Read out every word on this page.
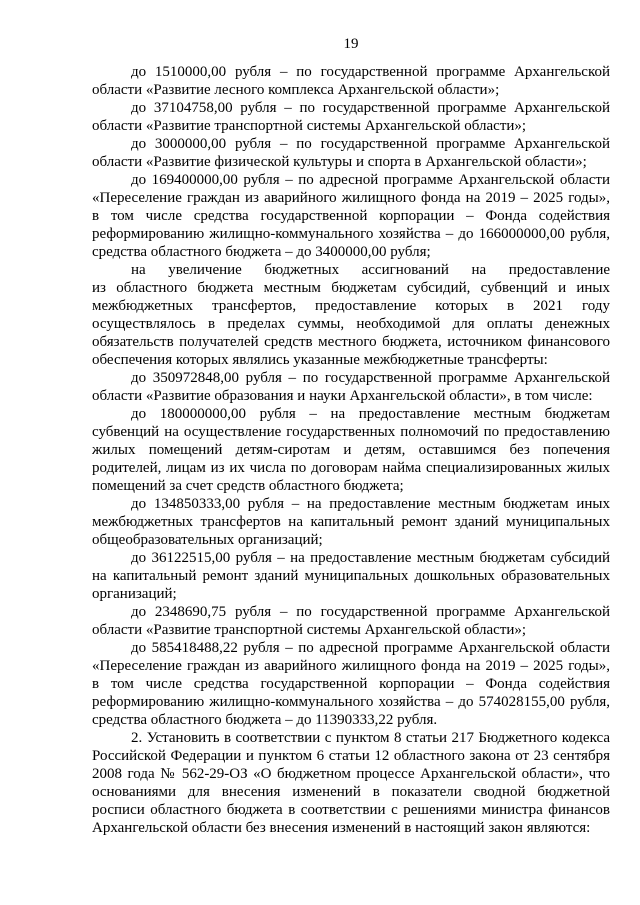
19
до 1510000,00 рубля – по государственной программе Архангельской
области «Развитие лесного комплекса Архангельской области»;
до 37104758,00 рубля – по государственной программе Архангельской
области «Развитие транспортной системы Архангельской области»;
до 3000000,00 рубля – по государственной программе Архангельской
области «Развитие физической культуры и спорта в Архангельской области»;
до 169400000,00 рубля – по адресной программе Архангельской области
«Переселение граждан из аварийного жилищного фонда на 2019 – 2025 годы»,
в том числе средства государственной корпорации – Фонда содействия
реформированию жилищно-коммунального хозяйства – до 166000000,00 рубля,
средства областного бюджета – до 3400000,00 рубля;
на увеличение бюджетных ассигнований на предоставление
из областного бюджета местным бюджетам субсидий, субвенций и иных
межбюджетных трансфертов, предоставление которых в 2021 году
осуществлялось в пределах суммы, необходимой для оплаты денежных
обязательств получателей средств местного бюджета, источником финансового
обеспечения которых являлись указанные межбюджетные трансферты:
до 350972848,00 рубля – по государственной программе Архангельской
области «Развитие образования и науки Архангельской области», в том числе:
до 180000000,00 рубля – на предоставление местным бюджетам
субвенций на осуществление государственных полномочий по предоставлению
жилых помещений детям-сиротам и детям, оставшимся без попечения
родителей, лицам из их числа по договорам найма специализированных жилых
помещений за счет средств областного бюджета;
до 134850333,00 рубля – на предоставление местным бюджетам иных
межбюджетных трансфертов на капитальный ремонт зданий муниципальных
общеобразовательных организаций;
до 36122515,00 рубля – на предоставление местным бюджетам субсидий
на капитальный ремонт зданий муниципальных дошкольных образовательных
организаций;
до 2348690,75 рубля – по государственной программе Архангельской
области «Развитие транспортной системы Архангельской области»;
до 585418488,22 рубля – по адресной программе Архангельской области
«Переселение граждан из аварийного жилищного фонда на 2019 – 2025 годы»,
в том числе средства государственной корпорации – Фонда содействия
реформированию жилищно-коммунального хозяйства – до 574028155,00 рубля,
средства областного бюджета – до 11390333,22 рубля.
2. Установить в соответствии с пунктом 8 статьи 217 Бюджетного кодекса
Российской Федерации и пунктом 6 статьи 12 областного закона от 23 сентября
2008 года № 562-29-ОЗ «О бюджетном процессе Архангельской области», что
основаниями для внесения изменений в показатели сводной бюджетной
росписи областного бюджета в соответствии с решениями министра финансов
Архангельской области без внесения изменений в настоящий закон являются:
